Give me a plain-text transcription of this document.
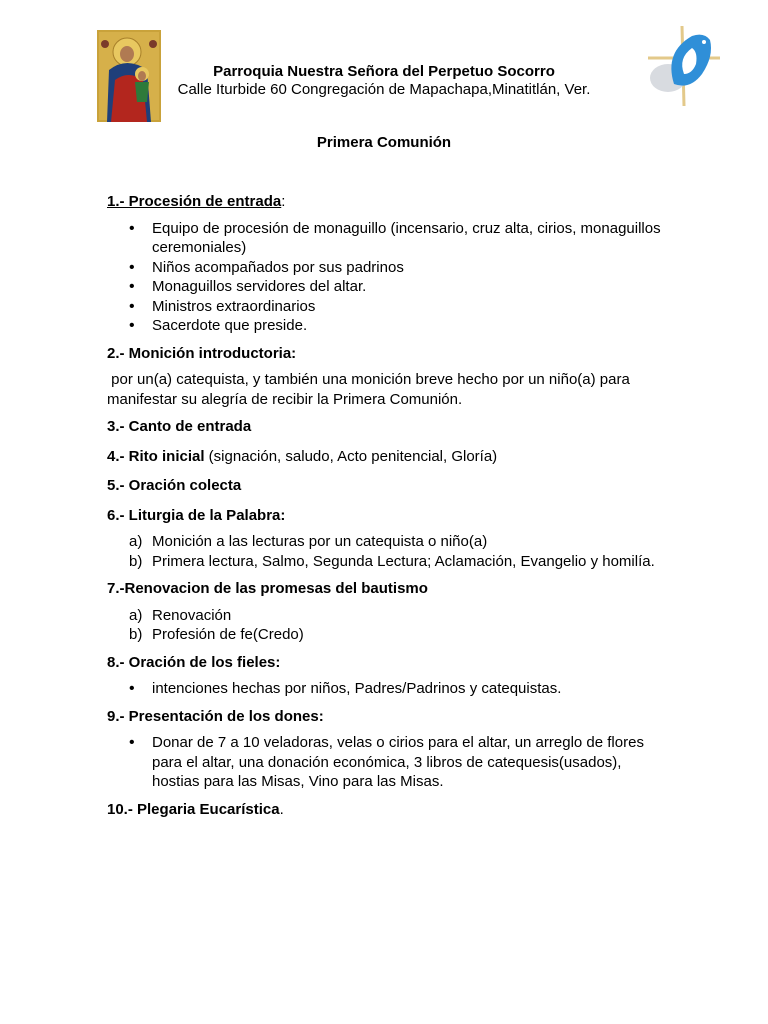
Parroquia Nuestra Señora del Perpetuo Socorro
Calle Iturbide 60 Congregación de Mapachapa,Minatitlán, Ver.
Primera Comunión

1.- Procesión de entrada:

• Equipo de procesión de monaguillo (incensario, cruz alta, cirios, monaguillos ceremoniales)
• Niños acompañados por sus padrinos
• Monaguillos servidores del altar.
• Ministros extraordinarios
• Sacerdote que preside.

2.- Monición introductoria:

por un(a) catequista, y también una monición breve hecho por un niño(a) para manifestar su alegría de recibir la Primera Comunión.

3.- Canto de entrada

4.- Rito inicial (signación, saludo, Acto penitencial, Gloría)

5.- Oración colecta

6.- Liturgia de la Palabra:

a) Monición a las lecturas por un catequista o niño(a)
b) Primera lectura, Salmo, Segunda Lectura; Aclamación, Evangelio y homilía.

7.-Renovacion de las promesas del bautismo

a) Renovación
b) Profesión de fe(Credo)

8.- Oración de los fieles:

• intenciones hechas por niños, Padres/Padrinos y catequistas.

9.- Presentación de los dones:

• Donar de 7 a 10 veladoras, velas o cirios para el altar, un arreglo de flores para el altar, una donación económica, 3 libros de catequesis(usados), hostias para las Misas, Vino para las Misas.

10.- Plegaria Eucarística.
